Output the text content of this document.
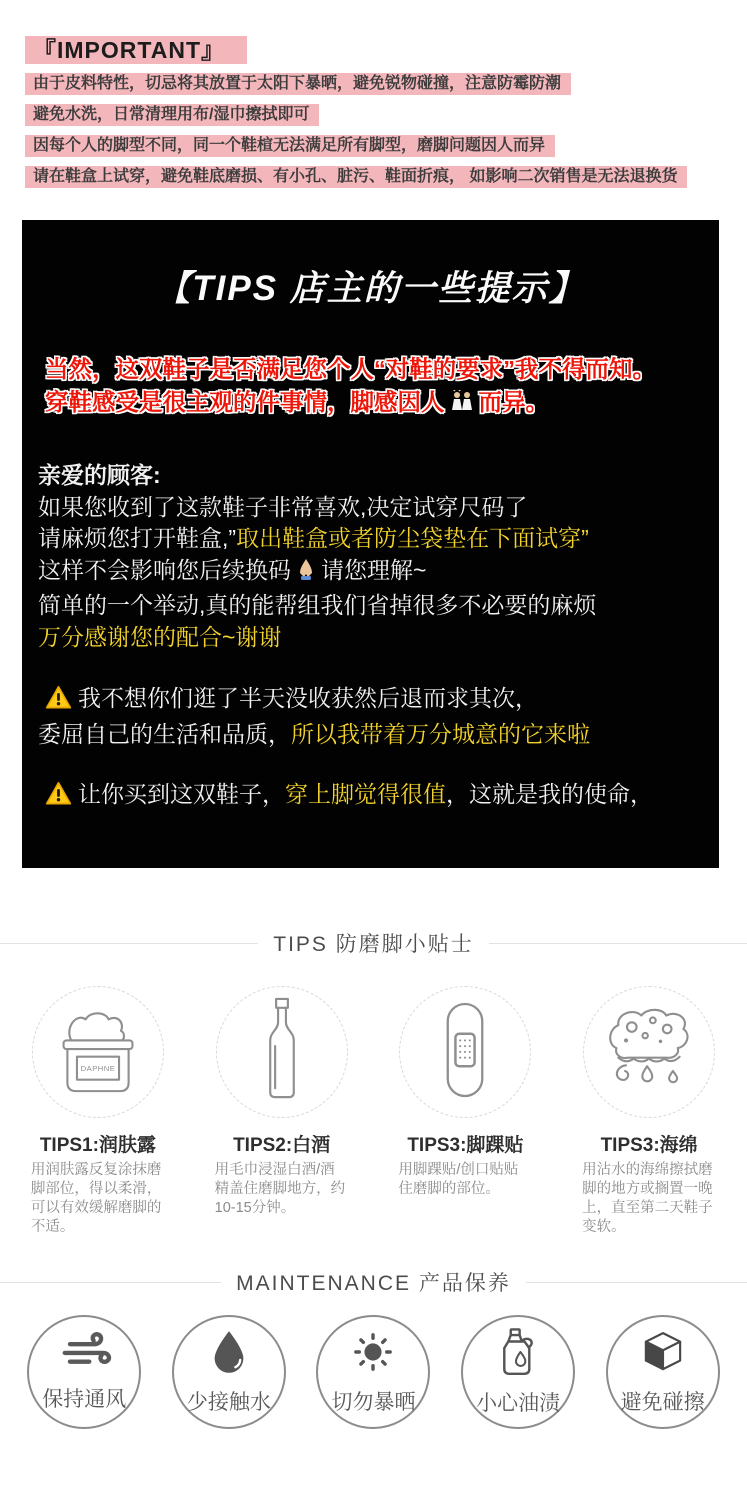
『IMPORTANT』
由于皮料特性，切忌将其放置于太阳下暴晒，避免锐物碰撞，注意防霉防潮
避免水洗，日常清理用布/湿巾擦拭即可
因每个人的脚型不同，同一个鞋楦无法满足所有脚型，磨脚问题因人而异
请在鞋盒上试穿，避免鞋底磨损、有小孔、脏污、鞋面折痕， 如影响二次销售是无法退换货
【TIPS 店主的一些提示】
当然，这双鞋子是否满足您个人“对鞋的要求”我不得而知。
穿鞋感受是很主观的件事情，脚感因人 而异。
亲爱的顾客:
如果您收到了这款鞋子非常喜欢,决定试穿尺码了
请麻烦您打开鞋盒,”取出鞋盒或者防尘袋垫在下面试穿”
这样不会影响您后续换码 请您理解~
简单的一个举动,真的能帮组我们省掉很多不必要的麻烦
万分感谢您的配合~谢谢
我不想你们逛了半天没收获然后退而求其次，
委屈自己的生活和品质，所以我带着万分城意的它来啦
让你买到这双鞋子，穿上脚觉得很值，这就是我的使命，
TIPS 防磨脚小贴士
DAPHNE
TIPS1:润肤露
用润肤露反复涂抹磨脚部位，得以柔滑，可以有效缓解磨脚的不适。
TIPS2:白酒
用毛巾浸湿白酒/酒精盖住磨脚地方，约10-15分钟。
TIPS3:脚踝贴
用脚踝贴/创口贴贴住磨脚的部位。
TIPS3:海绵
用沾水的海绵擦拭磨脚的地方或搁置一晚上，直至第二天鞋子变软。
MAINTENANCE 产品保养
保持通风	少接触水	切勿暴晒	小心油渍	避免碰擦
